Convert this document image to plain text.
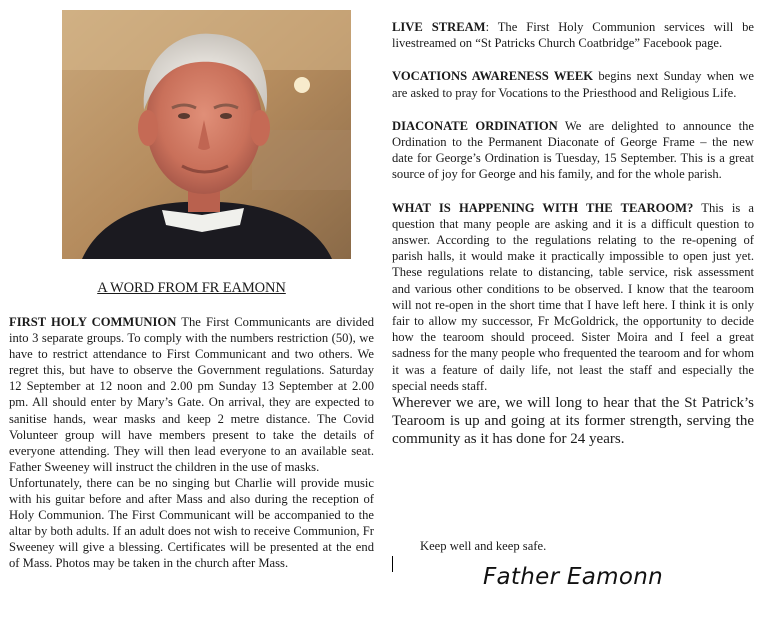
A WORD FROM FR EAMONN

FIRST HOLY COMMUNION The First Communicants are divided into 3 separate groups. To comply with the numbers restriction (50), we have to restrict attendance to First Communicant and two others. We regret this, but have to observe the Government regulations. Saturday 12 September at 12 noon and 2.00 pm Sunday 13 September at 2.00 pm. All should enter by Mary’s Gate. On arrival, they are expected to sanitise hands, wear masks and keep 2 metre distance. The Covid Volunteer group will have members present to take the details of everyone attending. They will then lead everyone to an available seat. Father Sweeney will instruct the children in the use of masks.

Unfortunately, there can be no singing but Charlie will provide music with his guitar before and after Mass and also during the reception of Holy Communion. The First Communicant will be accompanied to the altar by both adults. If an adult does not wish to receive Communion, Fr Sweeney will give a blessing. Certificates will be presented at the end of Mass. Photos may be taken in the church after Mass.

LIVE STREAM: The First Holy Communion services will be livestreamed on “St Patricks Church Coatbridge” Facebook page.

VOCATIONS AWARENESS WEEK begins next Sunday when we are asked to pray for Vocations to the Priesthood and Religious Life.

DIACONATE ORDINATION We are delighted to announce the Ordination to the Permanent Diaconate of George Frame – the new date for George’s Ordination is Tuesday, 15 September. This is a great source of joy for George and his family, and for the whole parish.

WHAT IS HAPPENING WITH THE TEAROOM? This is a question that many people are asking and it is a difficult question to answer. According to the regulations relating to the re-opening of parish halls, it would make it practically impossible to open just yet. These regulations relate to distancing, table service, risk assessment and various other conditions to be observed. I know that the tearoom will not re-open in the short time that I have left here. I think it is only fair to allow my successor, Fr McGoldrick, the opportunity to decide how the tearoom should proceed. Sister Moira and I feel a great sadness for the many people who frequented the tearoom and for whom it was a feature of daily life, not least the staff and especially the special needs staff.

Wherever we are, we will long to hear that the St Patrick’s Tearoom is up and going at its former strength, serving the community as it has done for 24 years.

Keep well and keep safe.
Father Eamonn
